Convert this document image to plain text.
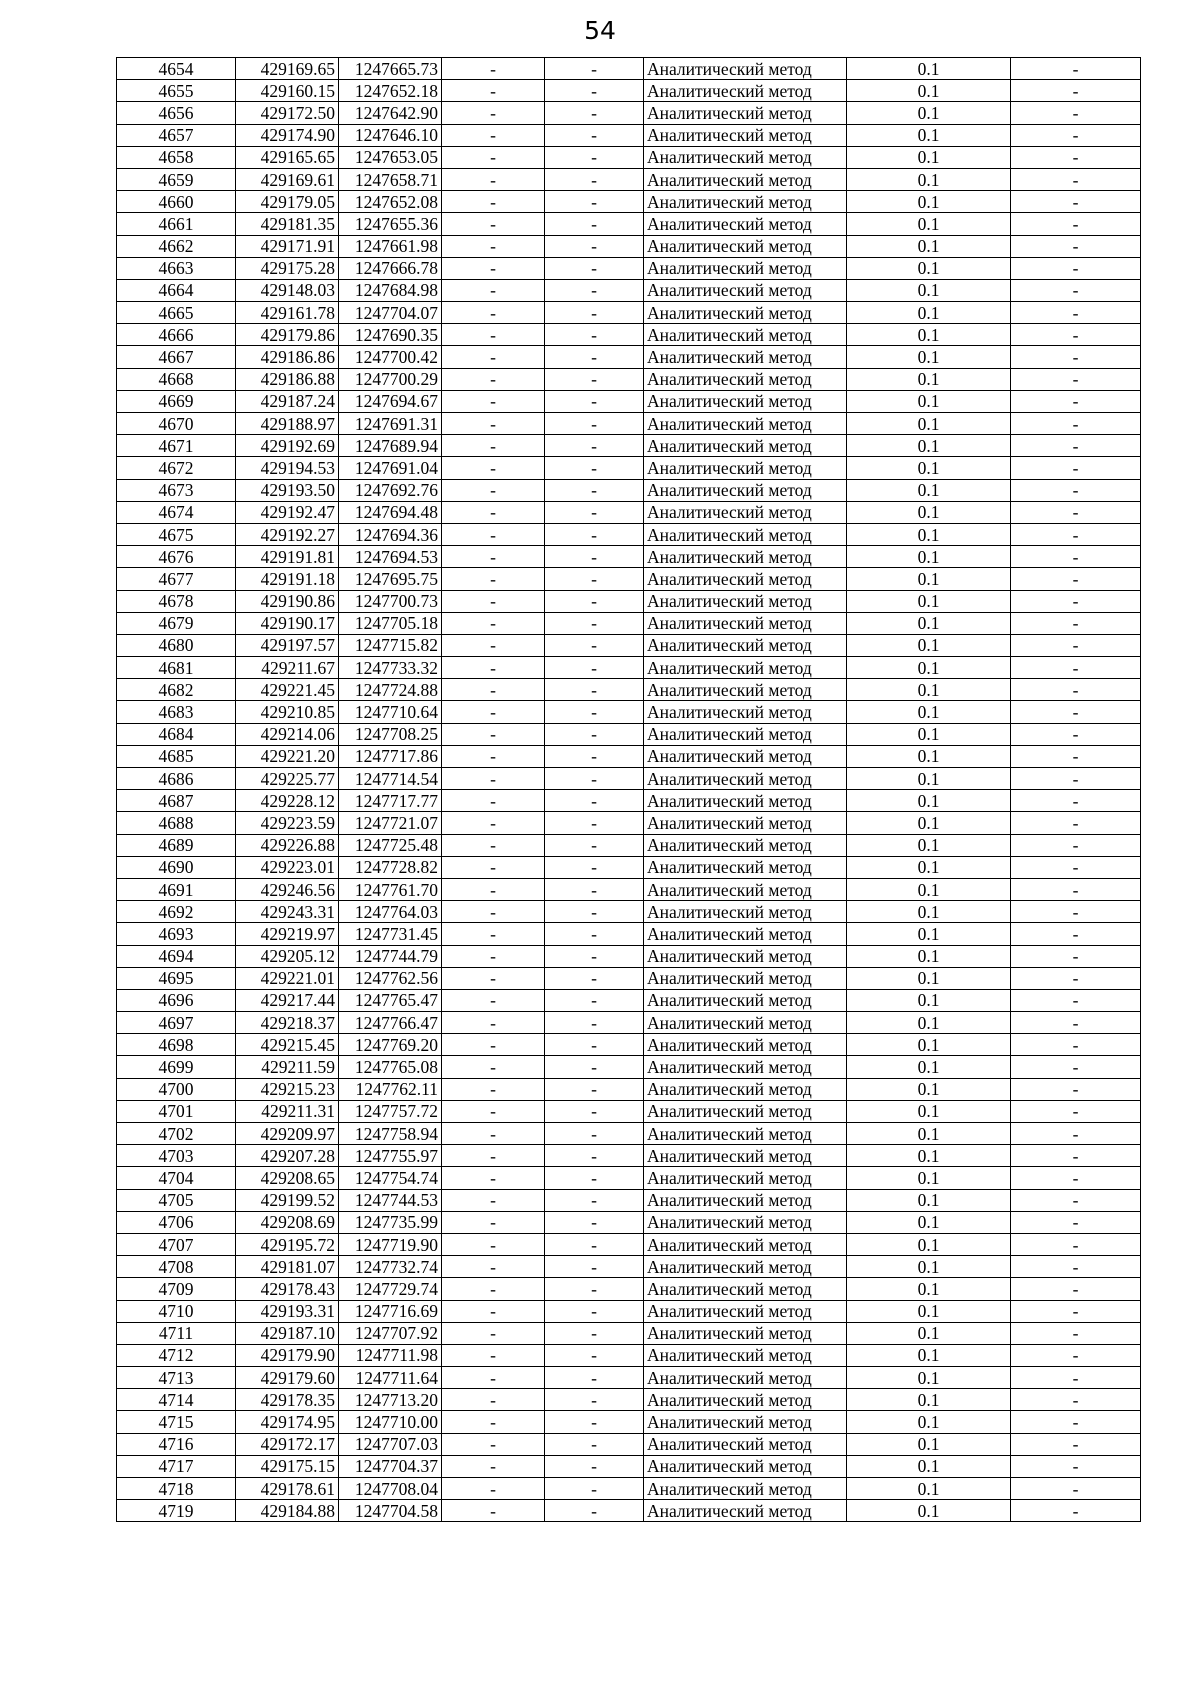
54
4654	429169.65	1247665.73	-	-	Аналитический метод	0.1	-
4655	429160.15	1247652.18	-	-	Аналитический метод	0.1	-
4656	429172.50	1247642.90	-	-	Аналитический метод	0.1	-
4657	429174.90	1247646.10	-	-	Аналитический метод	0.1	-
4658	429165.65	1247653.05	-	-	Аналитический метод	0.1	-
4659	429169.61	1247658.71	-	-	Аналитический метод	0.1	-
4660	429179.05	1247652.08	-	-	Аналитический метод	0.1	-
4661	429181.35	1247655.36	-	-	Аналитический метод	0.1	-
4662	429171.91	1247661.98	-	-	Аналитический метод	0.1	-
4663	429175.28	1247666.78	-	-	Аналитический метод	0.1	-
4664	429148.03	1247684.98	-	-	Аналитический метод	0.1	-
4665	429161.78	1247704.07	-	-	Аналитический метод	0.1	-
4666	429179.86	1247690.35	-	-	Аналитический метод	0.1	-
4667	429186.86	1247700.42	-	-	Аналитический метод	0.1	-
4668	429186.88	1247700.29	-	-	Аналитический метод	0.1	-
4669	429187.24	1247694.67	-	-	Аналитический метод	0.1	-
4670	429188.97	1247691.31	-	-	Аналитический метод	0.1	-
4671	429192.69	1247689.94	-	-	Аналитический метод	0.1	-
4672	429194.53	1247691.04	-	-	Аналитический метод	0.1	-
4673	429193.50	1247692.76	-	-	Аналитический метод	0.1	-
4674	429192.47	1247694.48	-	-	Аналитический метод	0.1	-
4675	429192.27	1247694.36	-	-	Аналитический метод	0.1	-
4676	429191.81	1247694.53	-	-	Аналитический метод	0.1	-
4677	429191.18	1247695.75	-	-	Аналитический метод	0.1	-
4678	429190.86	1247700.73	-	-	Аналитический метод	0.1	-
4679	429190.17	1247705.18	-	-	Аналитический метод	0.1	-
4680	429197.57	1247715.82	-	-	Аналитический метод	0.1	-
4681	429211.67	1247733.32	-	-	Аналитический метод	0.1	-
4682	429221.45	1247724.88	-	-	Аналитический метод	0.1	-
4683	429210.85	1247710.64	-	-	Аналитический метод	0.1	-
4684	429214.06	1247708.25	-	-	Аналитический метод	0.1	-
4685	429221.20	1247717.86	-	-	Аналитический метод	0.1	-
4686	429225.77	1247714.54	-	-	Аналитический метод	0.1	-
4687	429228.12	1247717.77	-	-	Аналитический метод	0.1	-
4688	429223.59	1247721.07	-	-	Аналитический метод	0.1	-
4689	429226.88	1247725.48	-	-	Аналитический метод	0.1	-
4690	429223.01	1247728.82	-	-	Аналитический метод	0.1	-
4691	429246.56	1247761.70	-	-	Аналитический метод	0.1	-
4692	429243.31	1247764.03	-	-	Аналитический метод	0.1	-
4693	429219.97	1247731.45	-	-	Аналитический метод	0.1	-
4694	429205.12	1247744.79	-	-	Аналитический метод	0.1	-
4695	429221.01	1247762.56	-	-	Аналитический метод	0.1	-
4696	429217.44	1247765.47	-	-	Аналитический метод	0.1	-
4697	429218.37	1247766.47	-	-	Аналитический метод	0.1	-
4698	429215.45	1247769.20	-	-	Аналитический метод	0.1	-
4699	429211.59	1247765.08	-	-	Аналитический метод	0.1	-
4700	429215.23	1247762.11	-	-	Аналитический метод	0.1	-
4701	429211.31	1247757.72	-	-	Аналитический метод	0.1	-
4702	429209.97	1247758.94	-	-	Аналитический метод	0.1	-
4703	429207.28	1247755.97	-	-	Аналитический метод	0.1	-
4704	429208.65	1247754.74	-	-	Аналитический метод	0.1	-
4705	429199.52	1247744.53	-	-	Аналитический метод	0.1	-
4706	429208.69	1247735.99	-	-	Аналитический метод	0.1	-
4707	429195.72	1247719.90	-	-	Аналитический метод	0.1	-
4708	429181.07	1247732.74	-	-	Аналитический метод	0.1	-
4709	429178.43	1247729.74	-	-	Аналитический метод	0.1	-
4710	429193.31	1247716.69	-	-	Аналитический метод	0.1	-
4711	429187.10	1247707.92	-	-	Аналитический метод	0.1	-
4712	429179.90	1247711.98	-	-	Аналитический метод	0.1	-
4713	429179.60	1247711.64	-	-	Аналитический метод	0.1	-
4714	429178.35	1247713.20	-	-	Аналитический метод	0.1	-
4715	429174.95	1247710.00	-	-	Аналитический метод	0.1	-
4716	429172.17	1247707.03	-	-	Аналитический метод	0.1	-
4717	429175.15	1247704.37	-	-	Аналитический метод	0.1	-
4718	429178.61	1247708.04	-	-	Аналитический метод	0.1	-
4719	429184.88	1247704.58	-	-	Аналитический метод	0.1	-
